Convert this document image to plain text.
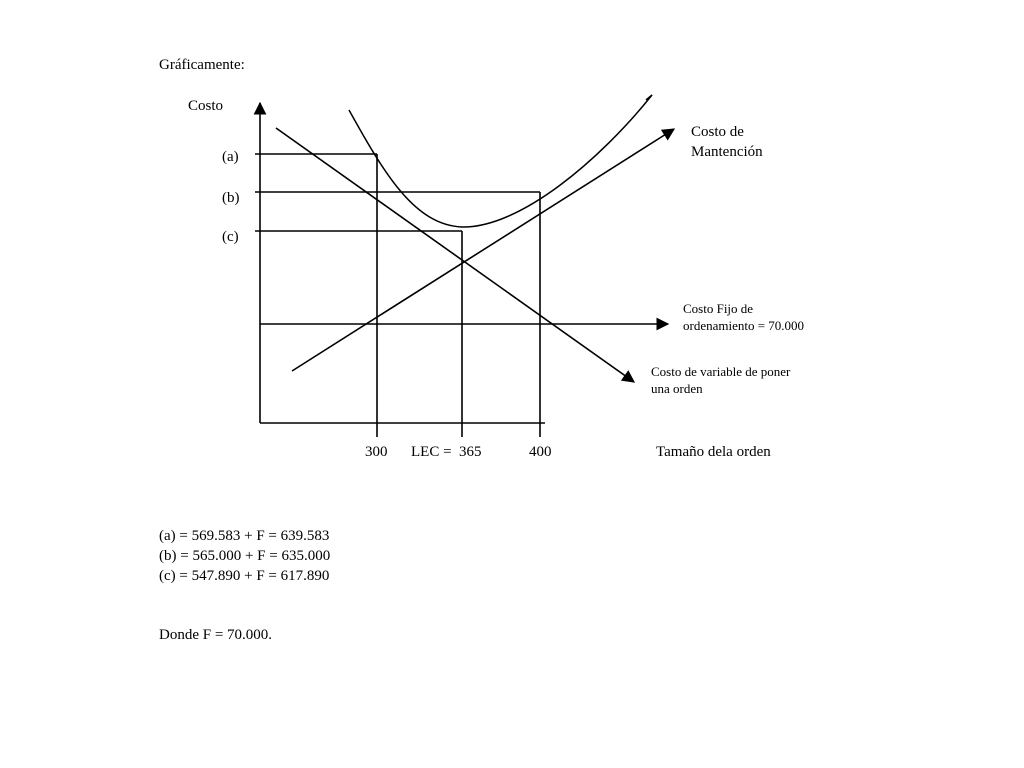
Gráficamente:
Costo
(a)
(b)
(c)
300 LEC =  365	400	Tamaño dela orden
Costo de
Mantención
Costo Fijo de
ordenamiento = 70.000
Costo de variable de poner
una orden
(a) = 569.583 + F = 639.583
(b) = 565.000 + F = 635.000
(c) = 547.890 + F = 617.890
Donde F = 70.000.
